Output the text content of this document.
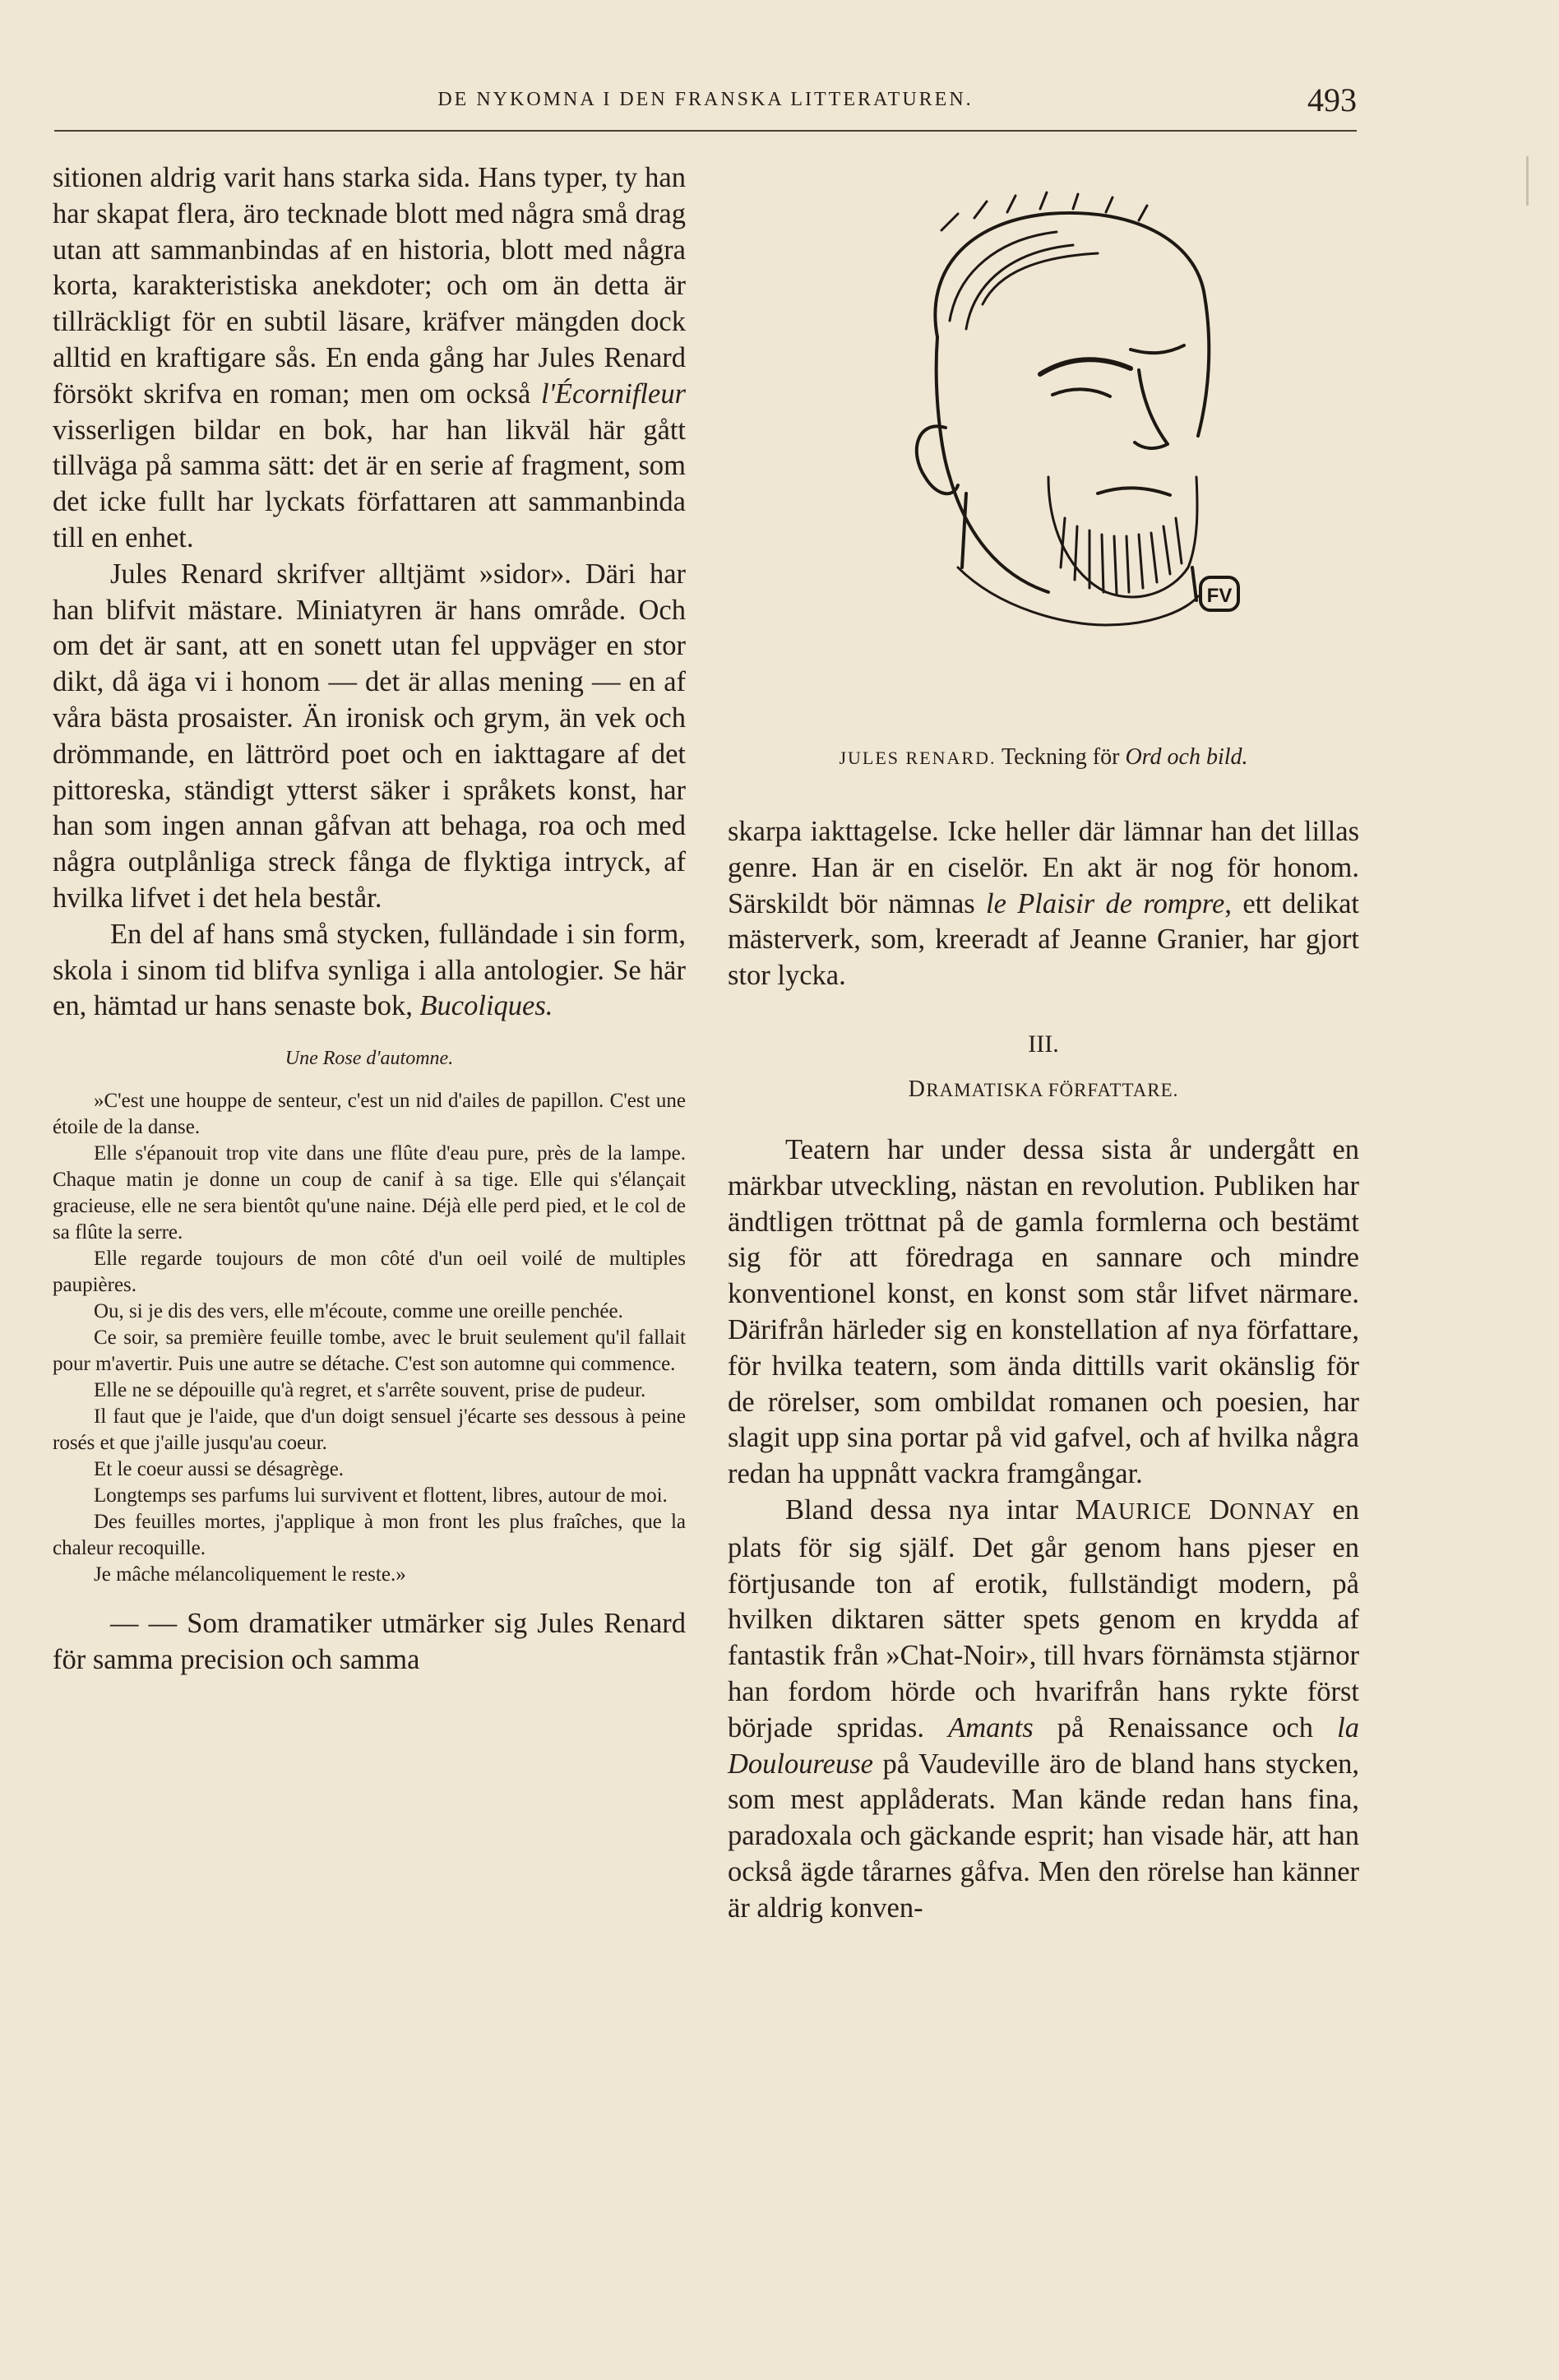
DE NYKOMNA I DEN FRANSKA LITTERATUREN.	493

sitionen aldrig varit hans starka sida. Hans typer, ty han har skapat flera, äro tecknade blott med några små drag utan att sammanbindas af en historia, blott med några korta, karakteristiska anekdoter; och om än detta är tillräckligt för en subtil läsare, kräfver mängden dock alltid en kraftigare sås. En enda gång har Jules Renard försökt skrifva en roman; men om också l'Écornifleur visserligen bildar en bok, har han likväl här gått tillväga på samma sätt: det är en serie af fragment, som det icke fullt har lyckats författaren att sammanbinda till en enhet.

Jules Renard skrifver alltjämt »sidor». Däri har han blifvit mästare. Miniatyren är hans område. Och om det är sant, att en sonett utan fel uppväger en stor dikt, då äga vi i honom — det är allas mening — en af våra bästa prosaister. Än ironisk och grym, än vek och drömmande, en lättrörd poet och en iakttagare af det pittoreska, ständigt ytterst säker i språkets konst, har han som ingen annan gåfvan att behaga, roa och med några outplånliga streck fånga de flyktiga intryck, af hvilka lifvet i det hela består.

En del af hans små stycken, fulländade i sin form, skola i sinom tid blifva synliga i alla antologier. Se här en, hämtad ur hans senaste bok, Bucoliques.

Une Rose d'automne.

»C'est une houppe de senteur, c'est un nid d'ailes de papillon. C'est une étoile de la danse.

Elle s'épanouit trop vite dans une flûte d'eau pure, près de la lampe. Chaque matin je donne un coup de canif à sa tige. Elle qui s'élançait gracieuse, elle ne sera bientôt qu'une naine. Déjà elle perd pied, et le col de sa flûte la serre.

Elle regarde toujours de mon côté d'un oeil voilé de multiples paupières.

Ou, si je dis des vers, elle m'écoute, comme une oreille penchée.

Ce soir, sa première feuille tombe, avec le bruit seulement qu'il fallait pour m'avertir. Puis une autre se détache. C'est son automne qui commence.

Elle ne se dépouille qu'à regret, et s'arrête souvent, prise de pudeur.

Il faut que je l'aide, que d'un doigt sensuel j'écarte ses dessous à peine rosés et que j'aille jusqu'au coeur.

Et le coeur aussi se désagrège.

Longtemps ses parfums lui survivent et flottent, libres, autour de moi.

Des feuilles mortes, j'applique à mon front les plus fraîches, que la chaleur recoquille.

Je mâche mélancoliquement le reste.»

— — Som dramatiker utmärker sig Jules Renard för samma precision och samma

FV
JULES RENARD. Teckning för Ord och bild.

skarpa iakttagelse. Icke heller där lämnar han det lillas genre. Han är en ciselör. En akt är nog för honom. Särskildt bör nämnas le Plaisir de rompre, ett delikat mästerverk, som, kreeradt af Jeanne Granier, har gjort stor lycka.

III.
DRAMATISKA FÖRFATTARE.

Teatern har under dessa sista år undergått en märkbar utveckling, nästan en revolution. Publiken har ändtligen tröttnat på de gamla formlerna och bestämt sig för att föredraga en sannare och mindre konventionel konst, en konst som står lifvet närmare. Därifrån härleder sig en konstellation af nya författare, för hvilka teatern, som ända dittills varit okänslig för de rörelser, som ombildat romanen och poesien, har slagit upp sina portar på vid gafvel, och af hvilka några redan ha uppnått vackra framgångar.

Bland dessa nya intar MAURICE DONNAY en plats för sig själf. Det går genom hans pjeser en förtjusande ton af erotik, fullständigt modern, på hvilken diktaren sätter spets genom en krydda af fantastik från »Chat-Noir», till hvars förnämsta stjärnor han fordom hörde och hvarifrån hans rykte först började spridas. Amants på Renaissance och la Douloureuse på Vaudeville äro de bland hans stycken, som mest applåderats. Man kände redan hans fina, paradoxala och gäckande esprit; han visade här, att han också ägde tårarnes gåfva. Men den rörelse han känner är aldrig konven-
